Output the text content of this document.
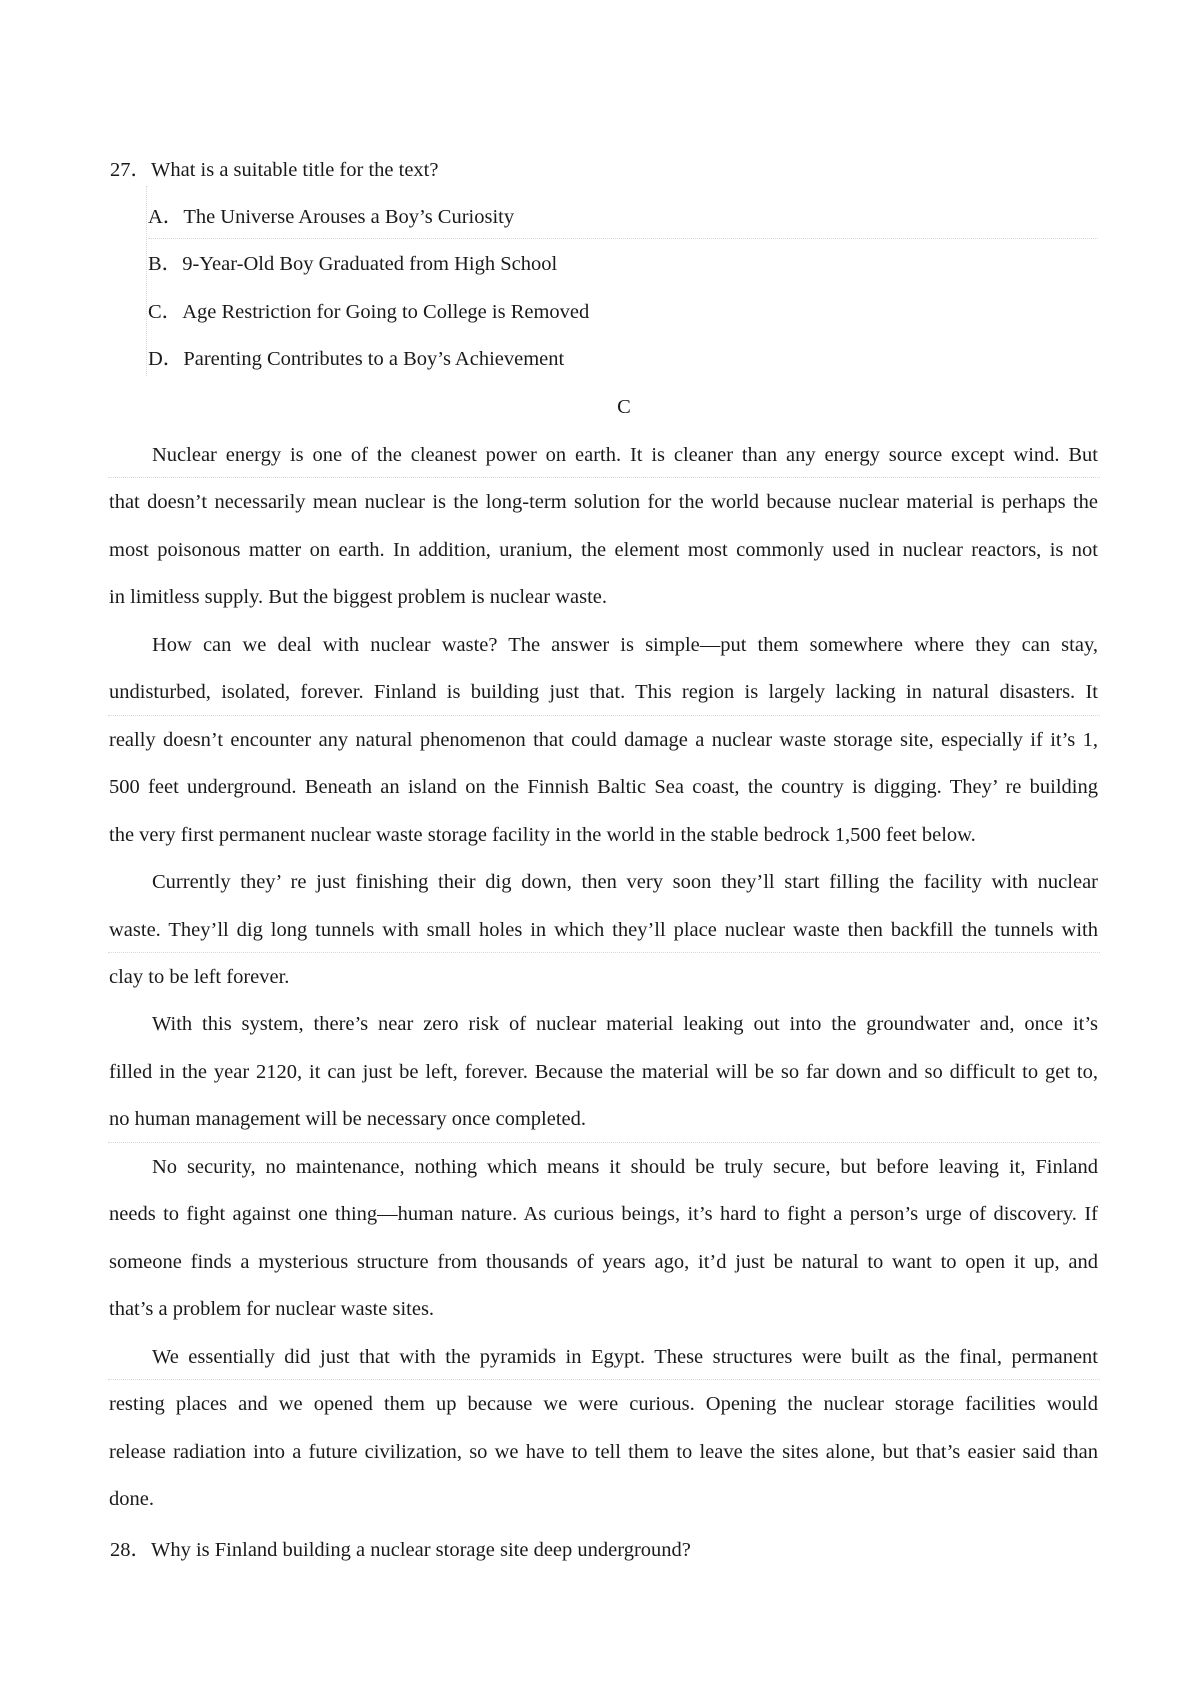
27．What is a suitable title for the text?
A．The Universe Arouses a Boy’s Curiosity
B．9-Year-Old Boy Graduated from High School
C．Age Restriction for Going to College is Removed
D．Parenting Contributes to a Boy’s Achievement
C
Nuclear energy is one of the cleanest power on earth. It is cleaner than any energy source except wind. But
that doesn’t necessarily mean nuclear is the long-term solution for the world because nuclear material is perhaps the
most poisonous matter on earth. In addition, uranium, the element most commonly used in nuclear reactors, is not
in limitless supply. But the biggest problem is nuclear waste.
How can we deal with nuclear waste? The answer is simple—put them somewhere where they can stay,
undisturbed, isolated, forever. Finland is building just that. This region is largely lacking in natural disasters. It
really doesn’t encounter any natural phenomenon that could damage a nuclear waste storage site, especially if it’s 1,
500 feet underground. Beneath an island on the Finnish Baltic Sea coast, the country is digging. They’ re building
the very first permanent nuclear waste storage facility in the world in the stable bedrock 1,500 feet below.
Currently they’ re just finishing their dig down, then very soon they’ll start filling the facility with nuclear
waste. They’ll dig long tunnels with small holes in which they’ll place nuclear waste then backfill the tunnels with
clay to be left forever.
With this system, there’s near zero risk of nuclear material leaking out into the groundwater and, once it’s
filled in the year 2120, it can just be left, forever. Because the material will be so far down and so difficult to get to,
no human management will be necessary once completed.
No security, no maintenance, nothing which means it should be truly secure, but before leaving it, Finland
needs to fight against one thing—human nature. As curious beings, it’s hard to fight a person’s urge of discovery. If
someone finds a mysterious structure from thousands of years ago, it’d just be natural to want to open it up, and
that’s a problem for nuclear waste sites.
We essentially did just that with the pyramids in Egypt. These structures were built as the final, permanent
resting places and we opened them up because we were curious. Opening the nuclear storage facilities would
release radiation into a future civilization, so we have to tell them to leave the sites alone, but that’s easier said than
done.
28．Why is Finland building a nuclear storage site deep underground?
